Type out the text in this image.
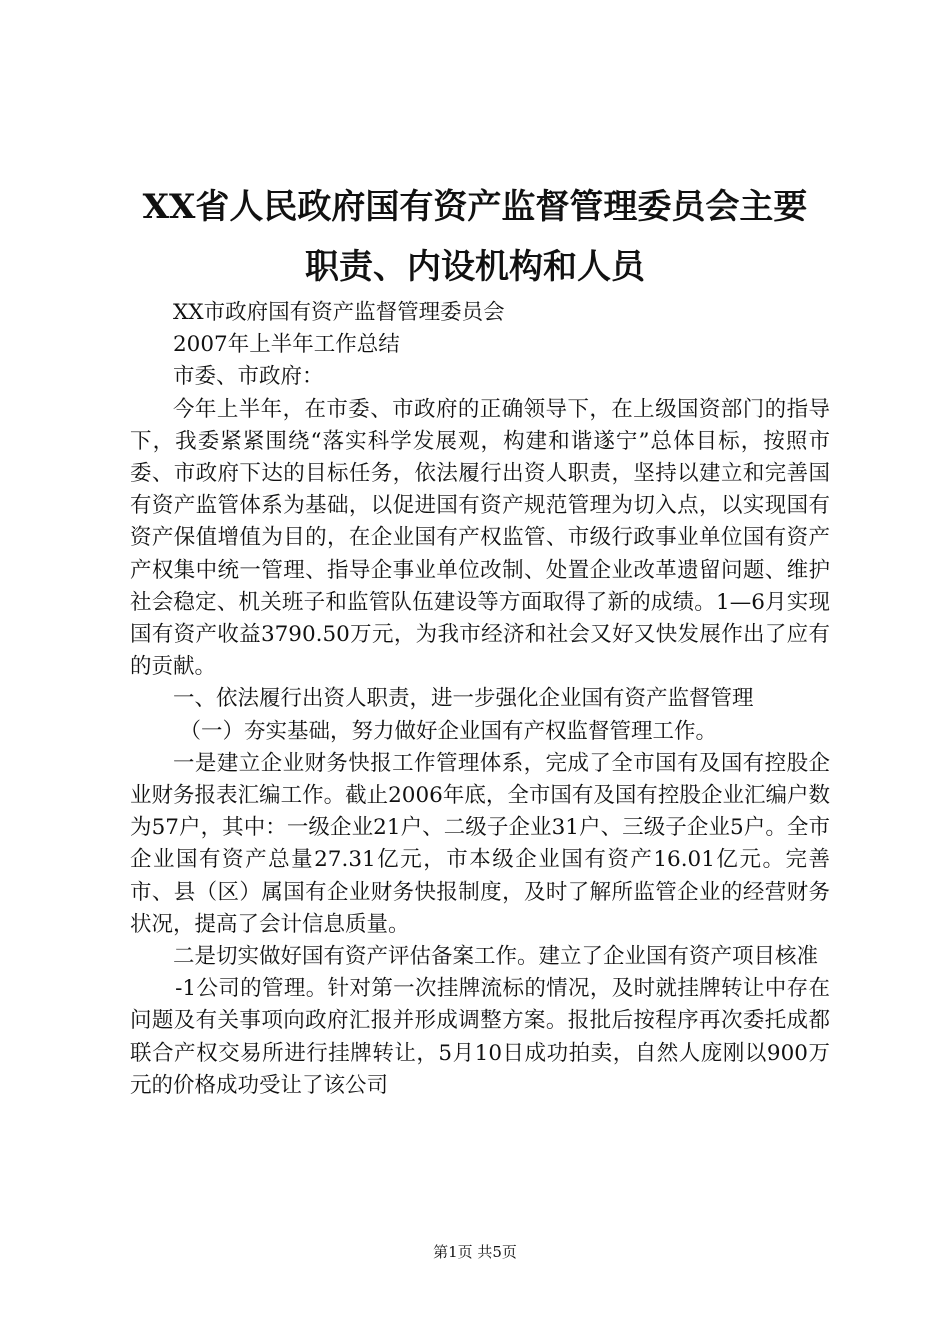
XX省人民政府国有资产监督管理委员会主要
职责、内设机构和人员

XX市政府国有资产监督管理委员会

2007年上半年工作总结

市委、市政府：

今年上半年，在市委、市政府的正确领导下，在上级国资部门的指导下，我委紧紧围绕“落实科学发展观，构建和谐遂宁”总体目标，按照市委、市政府下达的目标任务，依法履行出资人职责，坚持以建立和完善国有资产监管体系为基础，以促进国有资产规范管理为切入点，以实现国有资产保值增值为目的，在企业国有产权监管、市级行政事业单位国有资产产权集中统一管理、指导企事业单位改制、处置企业改革遗留问题、维护社会稳定、机关班子和监管队伍建设等方面取得了新的成绩。1—6月实现国有资产收益3790.50万元，为我市经济和社会又好又快发展作出了应有的贡献。

一、依法履行出资人职责，进一步强化企业国有资产监督管理

（一）夯实基础，努力做好企业国有产权监督管理工作。

一是建立企业财务快报工作管理体系，完成了全市国有及国有控股企业财务报表汇编工作。截止2006年底，全市国有及国有控股企业汇编户数为57户，其中：一级企业21户、二级子企业31户、三级子企业5户。全市企业国有资产总量27.31亿元，市本级企业国有资产16.01亿元。完善市、县（区）属国有企业财务快报制度，及时了解所监管企业的经营财务状况，提高了会计信息质量。

二是切实做好国有资产评估备案工作。建立了企业国有资产项目核准

-1公司的管理。针对第一次挂牌流标的情况，及时就挂牌转让中存在问题及有关事项向政府汇报并形成调整方案。报批后按程序再次委托成都联合产权交易所进行挂牌转让，5月10日成功拍卖，自然人庞刚以900万元的价格成功受让了该公司

第1页 共5页
